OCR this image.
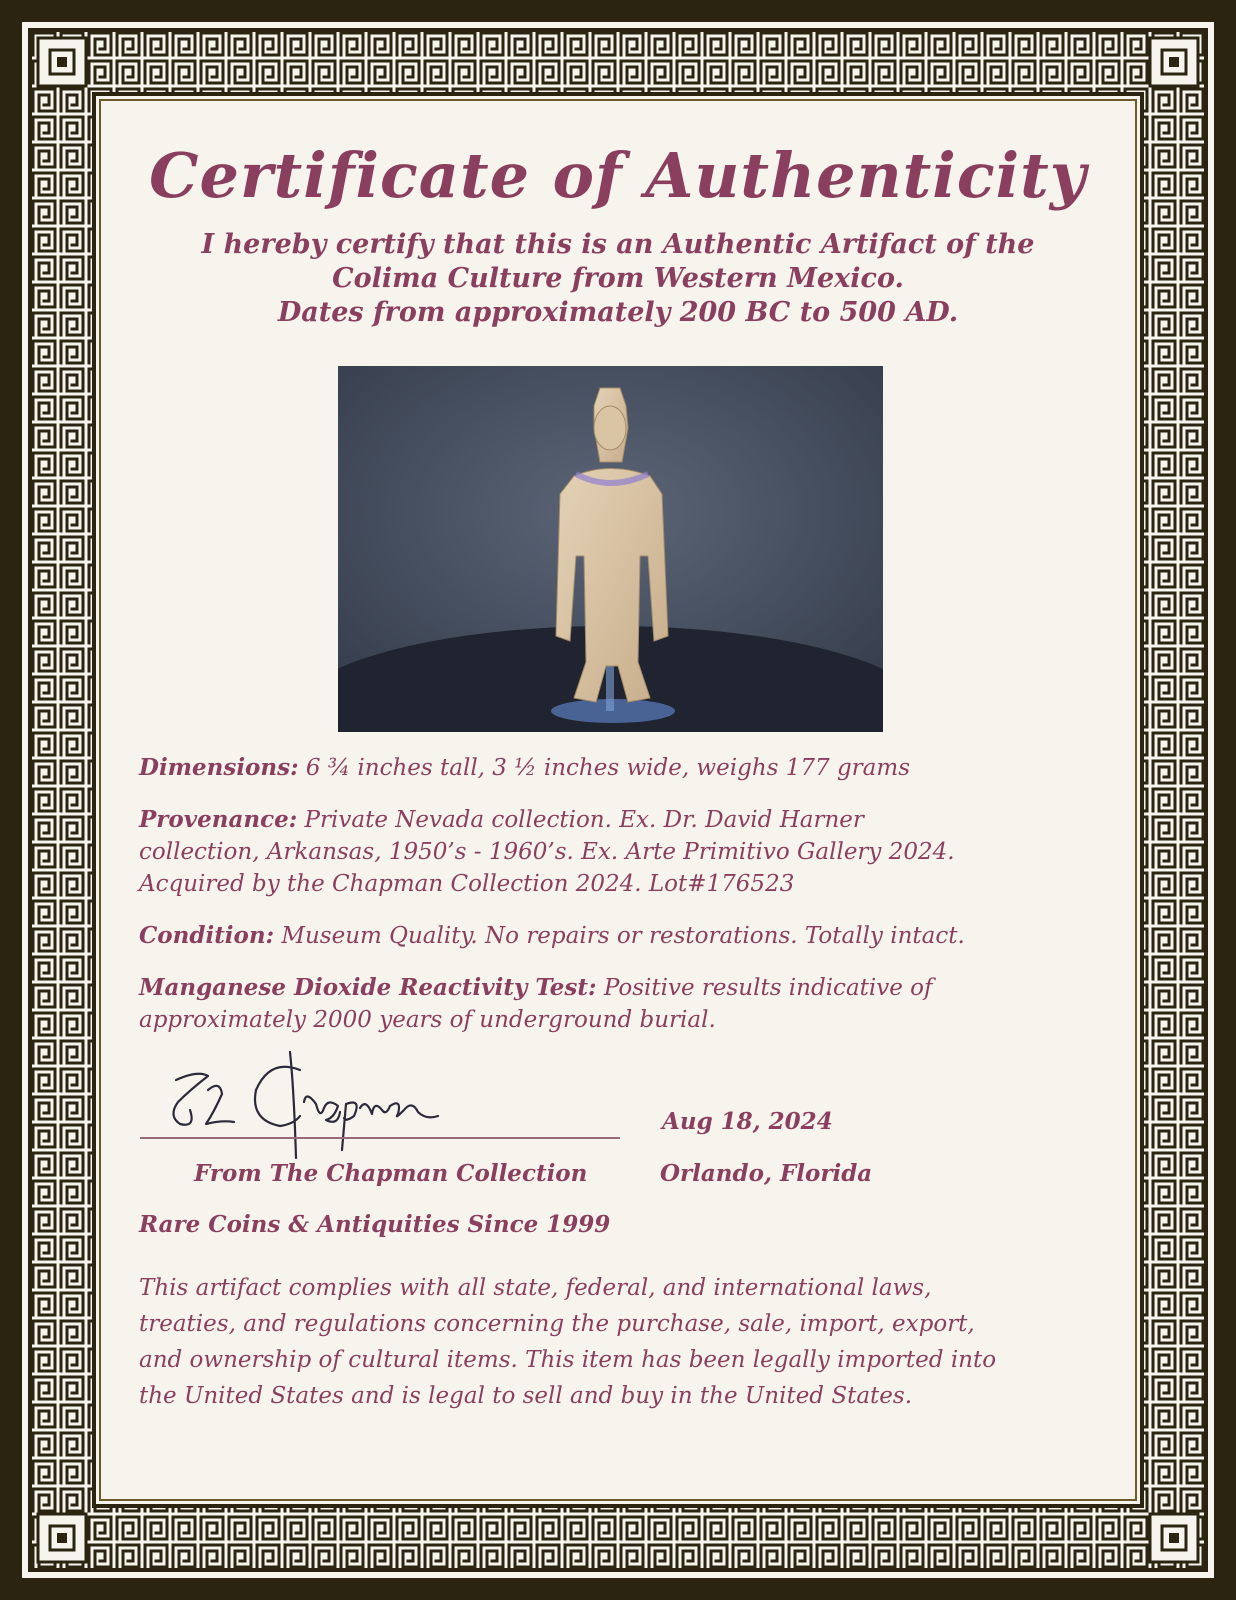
Certificate of Authenticity
I hereby certify that this is an Authentic Artifact of the
Colima Culture from Western Mexico.
Dates from approximately 200 BC to 500 AD.
Dimensions: 6 ¾ inches tall, 3 ½ inches wide, weighs 177 grams
Provenance: Private Nevada collection. Ex. Dr. David Harner
collection, Arkansas, 1950’s - 1960’s. Ex. Arte Primitivo Gallery 2024.
Acquired by the Chapman Collection 2024. Lot#176523
Condition: Museum Quality. No repairs or restorations. Totally intact.
Manganese Dioxide Reactivity Test: Positive results indicative of
approximately 2000 years of underground burial.
Aug 18, 2024
From The Chapman Collection	Orlando, Florida
Rare Coins & Antiquities Since 1999
This artifact complies with all state, federal, and international laws,
treaties, and regulations concerning the purchase, sale, import, export,
and ownership of cultural items. This item has been legally imported into
the United States and is legal to sell and buy in the United States.
